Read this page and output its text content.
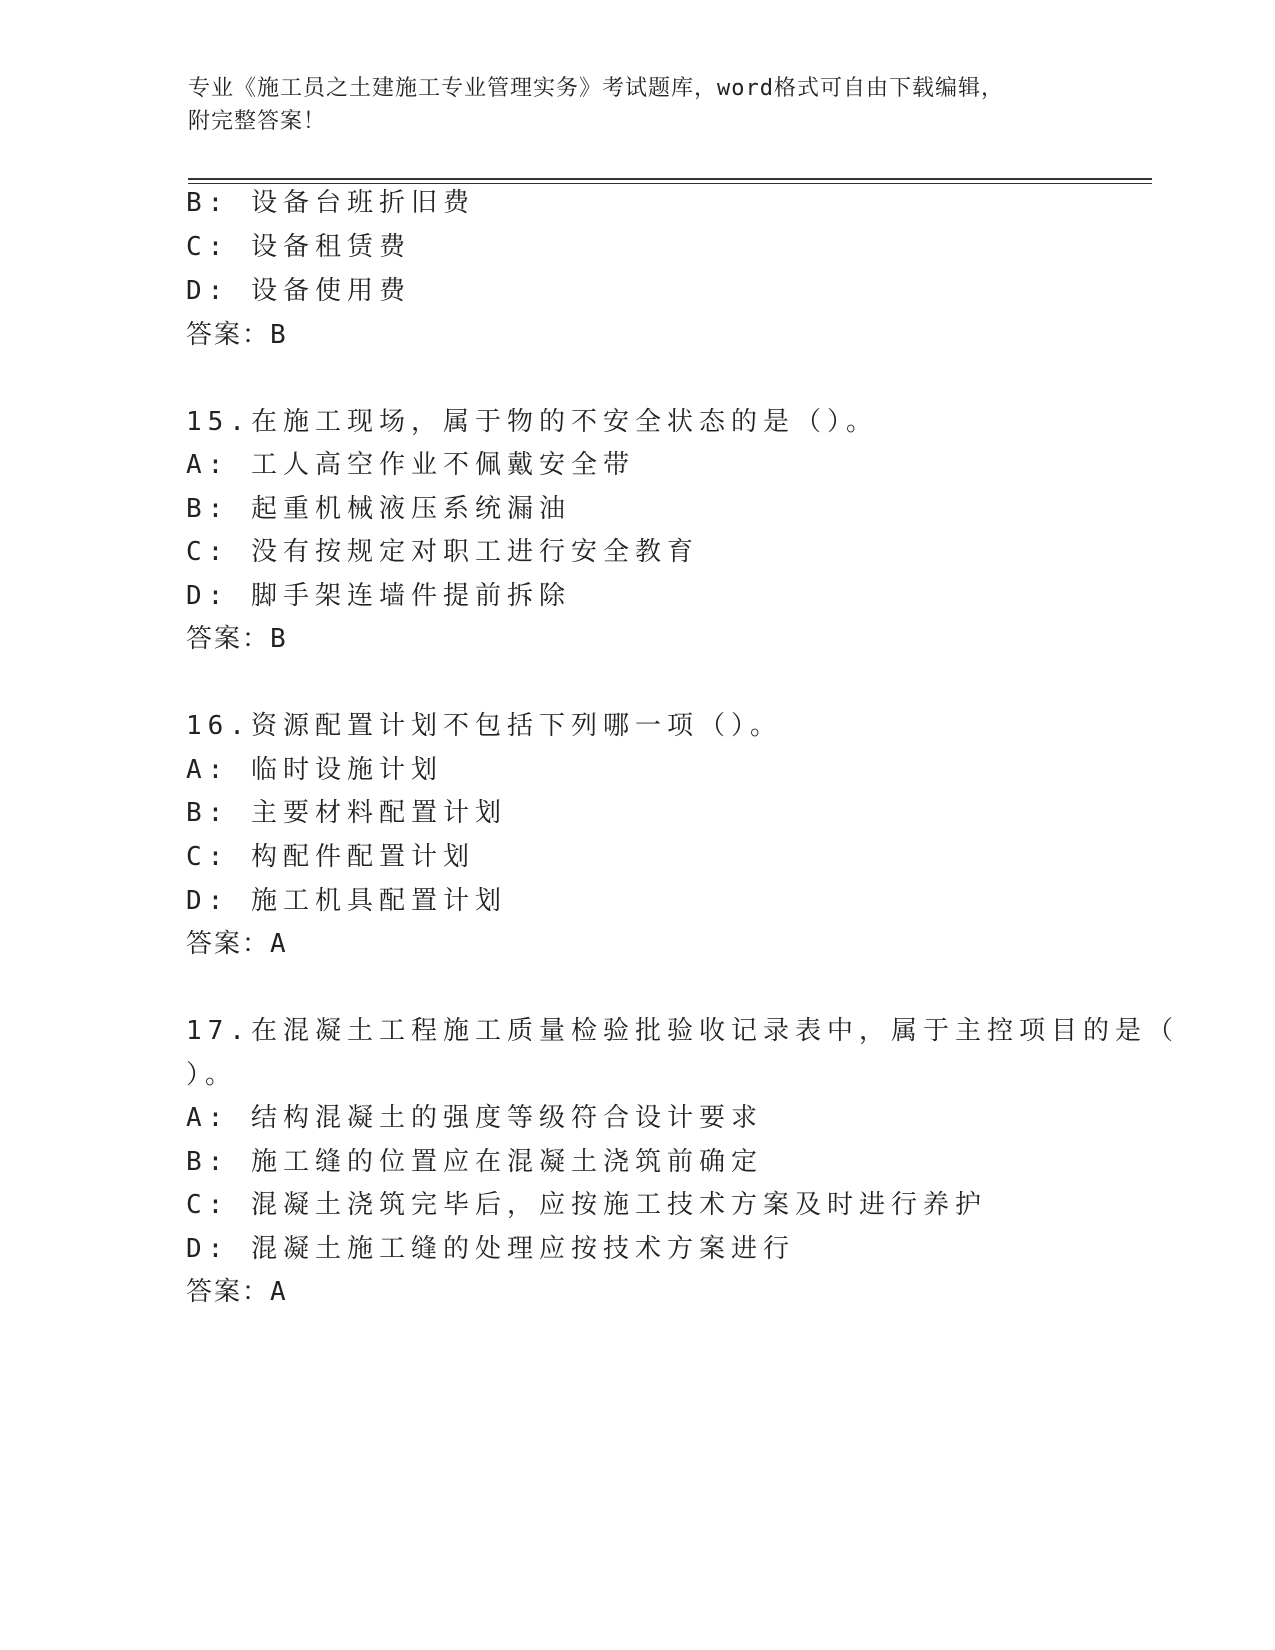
专业《施工员之土建施工专业管理实务》考试题库，word格式可自由下载编辑，
附完整答案！
B: 设备台班折旧费
C: 设备租赁费
D: 设备使用费
答案：B
15.在施工现场，属于物的不安全状态的是（）。
A: 工人高空作业不佩戴安全带
B: 起重机械液压系统漏油
C: 没有按规定对职工进行安全教育
D: 脚手架连墙件提前拆除
答案：B
16.资源配置计划不包括下列哪一项（）。
A: 临时设施计划
B: 主要材料配置计划
C: 构配件配置计划
D: 施工机具配置计划
答案：A
17.在混凝土工程施工质量检验批验收记录表中，属于主控项目的是（
）。
A: 结构混凝土的强度等级符合设计要求
B: 施工缝的位置应在混凝土浇筑前确定
C: 混凝土浇筑完毕后，应按施工技术方案及时进行养护
D: 混凝土施工缝的处理应按技术方案进行
答案：A
